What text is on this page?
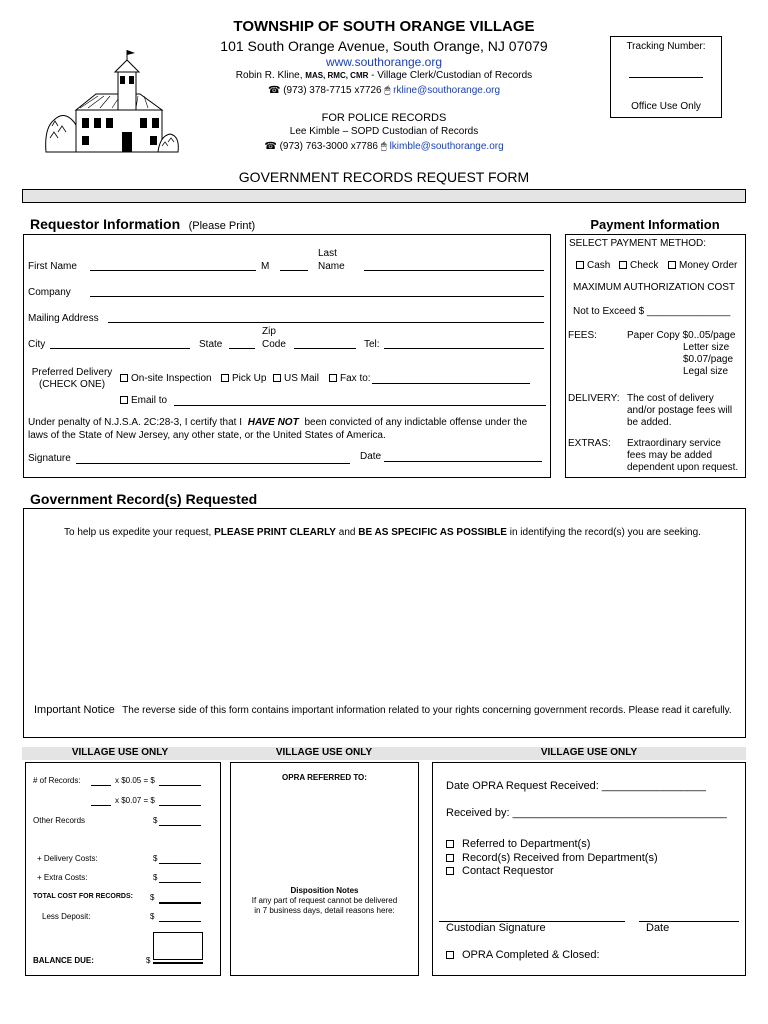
TOWNSHIP OF SOUTH ORANGE VILLAGE
101 South Orange Avenue, South Orange, NJ 07079
www.southorange.org
Robin R. Kline, MAS, RMC, CMR - Village Clerk/Custodian of Records
☎ (973) 378-7715 x7726 🖱 rkline@southorange.org
FOR POLICE RECORDS
Lee Kimble – SOPD Custodian of Records
☎ (973) 763-3000 x7786 🖱 lkimble@southorange.org
GOVERNMENT RECORDS REQUEST FORM
Tracking Number:
Office Use Only
Requestor Information (Please Print)
First Name	M
Last
Name
Company
Mailing Address
City	State
Zip
Code	Tel:
Preferred Delivery
(CHECK ONE)
On-site Inspection	Pick Up	US Mail	Fax to:
Email to
Under penalty of N.J.S.A. 2C:28-3, I certify that I HAVE NOT been convicted of any indictable offense under the
laws of the State of New Jersey, any other state, or the United States of America.
Signature	Date
Payment Information
SELECT PAYMENT METHOD:
Cash	Check	Money Order
MAXIMUM AUTHORIZATION COST
Not to Exceed $ _______________
FEES:	Paper Copy $0..05/page
Letter size
$0.07/page
Legal size
DELIVERY: The cost of delivery
and/or postage fees will
be added.
EXTRAS: Extraordinary service
fees may be added
dependent upon request.
Government Record(s) Requested
To help us expedite your request, PLEASE PRINT CLEARLY and BE AS SPECIFIC AS POSSIBLE in identifying the record(s) you are seeking.
Important Notice The reverse side of this form contains important information related to your rights concerning government records. Please read it carefully.
VILLAGE USE ONLY	VILLAGE USE ONLY	VILLAGE USE ONLY
# of Records:	x $0.05 = $
x $0.07 = $
Other Records	$
+ Delivery Costs:	$
+ Extra Costs:	$
TOTAL COST FOR RECORDS: $
Less Deposit:	$
BALANCE DUE:	$
OPRA REFERRED TO:
Disposition Notes
If any part of request cannot be delivered
in 7 business days, detail reasons here:
Date OPRA Request Received: _________________
Received by: ___________________________________
Referred to Department(s)
Record(s) Received from Department(s)
Contact Requestor
Custodian Signature	Date
OPRA Completed & Closed:
